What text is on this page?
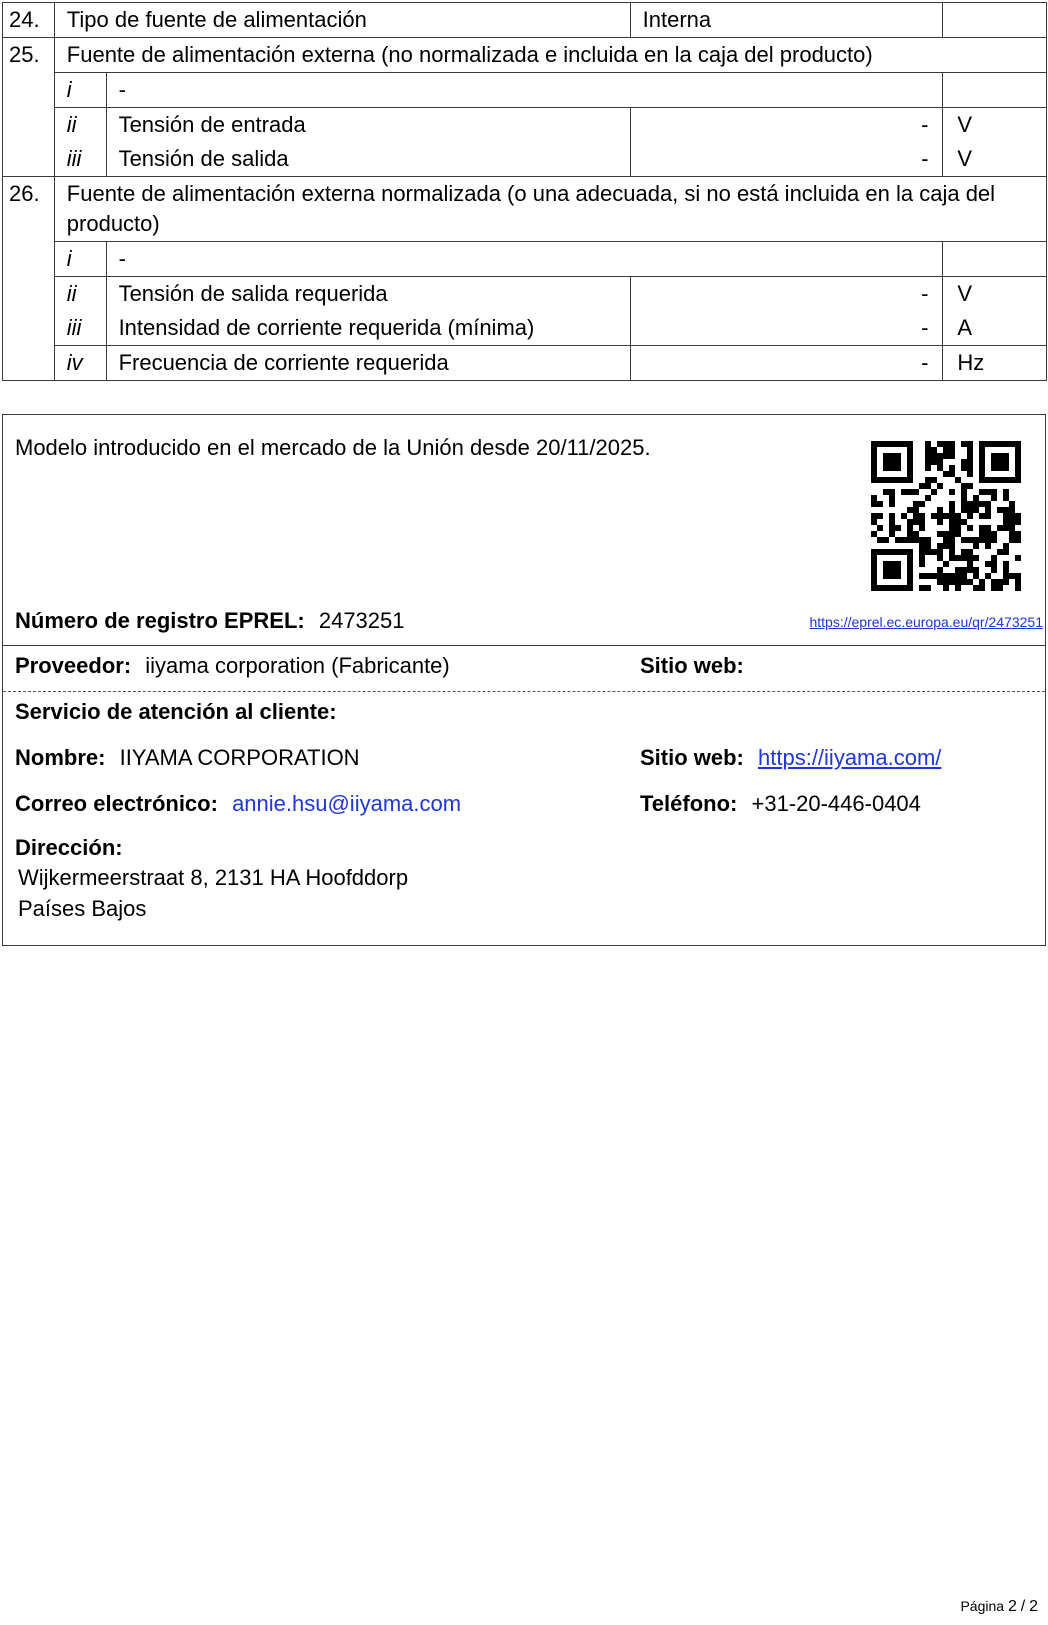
24.	Tipo de fuente de alimentación		Interna	
25.	Fuente de alimentación externa (no normalizada e incluida en la caja del producto)			
	i	-		
	ii	Tensión de entrada	-	V
	iii	Tensión de salida	-	V
26.	Fuente de alimentación externa normalizada (o una adecuada, si no está incluida en la caja del producto)			
	i	-		
	ii	Tensión de salida requerida	-	V
	iii	Intensidad de corriente requerida (mínima)	-	A
	iv	Frecuencia de corriente requerida	-	Hz
Modelo introducido en el mercado de la Unión desde 20/11/2025.
Número de registro EPREL: 2473251	https://eprel.ec.europa.eu/qr/2473251
Proveedor: iiyama corporation (Fabricante)	Sitio web:
Servicio de atención al cliente:
Nombre: IIYAMA CORPORATION	Sitio web: https://iiyama.com/
Correo electrónico: annie.hsu@iiyama.com	Teléfono: +31-20-446-0404
Dirección:
Wijkermeerstraat 8, 2131 HA Hoofddorp
Países Bajos
Página 2 / 2
